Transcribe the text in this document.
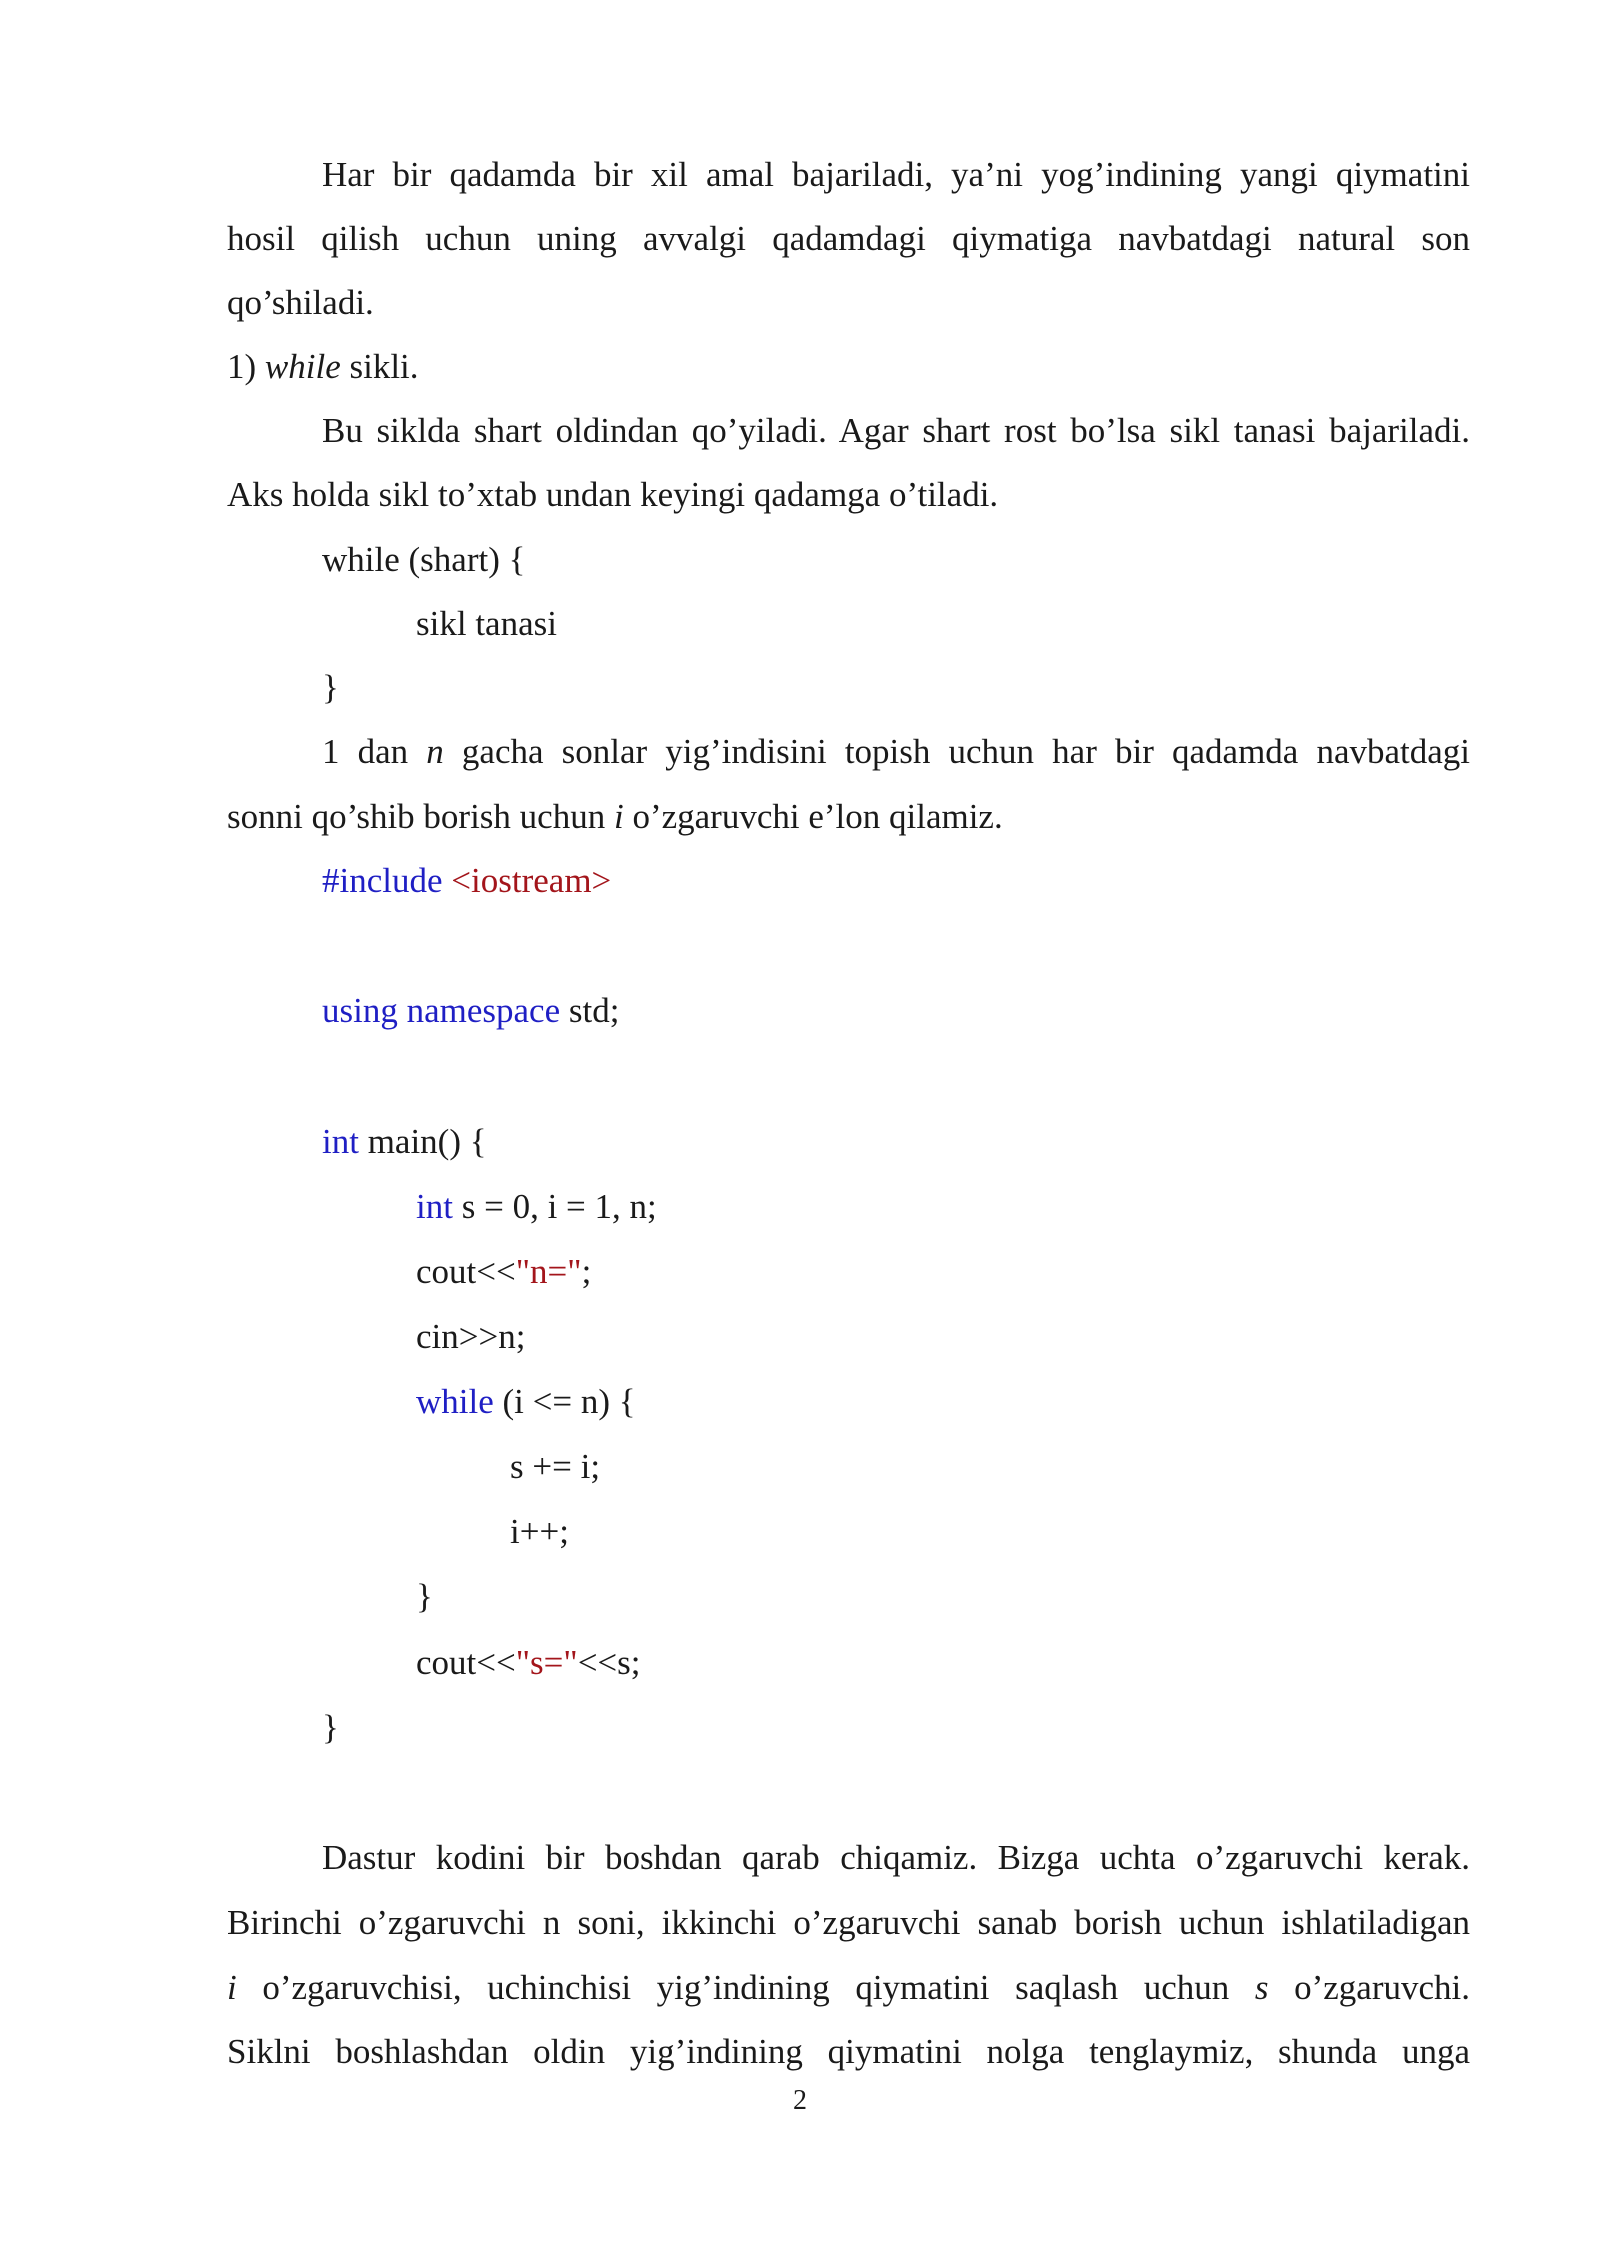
Har bir qadamda bir xil amal bajariladi, ya’ni yog’indining yangi qiymatini
hosil qilish uchun uning avvalgi qadamdagi qiymatiga navbatdagi natural son
qo’shiladi.
1) while sikli.
Bu siklda shart oldindan qo’yiladi. Agar shart rost bo’lsa sikl tanasi bajariladi.
Aks holda sikl to’xtab undan keyingi qadamga o’tiladi.
while (shart) {
sikl tanasi
}
1 dan n gacha sonlar yig’indisini topish uchun har bir qadamda navbatdagi
sonni qo’shib borish uchun i o’zgaruvchi e’lon qilamiz.
#include <iostream>
using namespace std;
int main() {
int s = 0, i = 1, n;
cout<<"n=";
cin>>n;
while (i <= n) {
s += i;
i++;
}
cout<<"s="<<s;
}
Dastur kodini bir boshdan qarab chiqamiz. Bizga uchta o’zgaruvchi kerak.
Birinchi o’zgaruvchi n soni, ikkinchi o’zgaruvchi sanab borish uchun ishlatiladigan
i o’zgaruvchisi, uchinchisi yig’indining qiymatini saqlash uchun s o’zgaruvchi.
Siklni boshlashdan oldin yig’indining qiymatini nolga tenglaymiz, shunda unga
2
